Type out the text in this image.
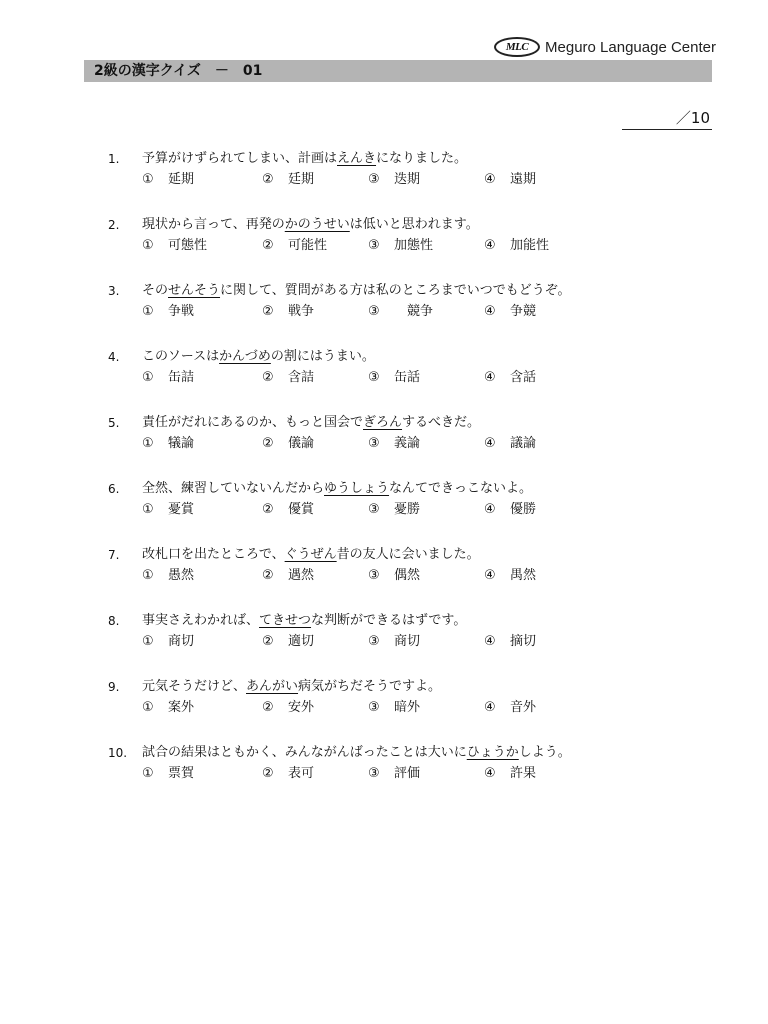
MLC	Meguro Language Center
2級の漢字クイズ　－　01
／10
1. 予算がけずられてしまい、計画はえんきになりました。
① 延期	② 廷期	③ 迭期	④ 遠期
2. 現状から言って、再発のかのうせいは低いと思われます。
① 可態性	② 可能性	③ 加態性	④ 加能性
3. そのせんそうに関して、質問がある方は私のところまでいつでもどうぞ。
① 争戦	② 戦争	③　競争	④ 争競
4. このソースはかんづめの割にはうまい。
① 缶詰	② 含詰	③ 缶話	④ 含話
5. 責任がだれにあるのか、もっと国会でぎろんするべきだ。
① 犠論	② 儀論	③ 義論	④ 議論
6. 全然、練習していないんだからゆうしょうなんてできっこないよ。
① 憂賞	② 優賞	③ 憂勝	④ 優勝
7. 改札口を出たところで、ぐうぜん昔の友人に会いました。
① 愚然	② 遇然	③ 偶然	④ 禺然
8. 事実さえわかれば、てきせつな判断ができるはずです。
① 商切	② 適切	③ 商切	④ 摘切
9. 元気そうだけど、あんがい病気がちだそうですよ。
① 案外	② 安外	③ 暗外	④ 音外
10. 試合の結果はともかく、みんながんばったことは大いにひょうかしよう。
① 票賀	② 表可	③ 評価	④ 許果
